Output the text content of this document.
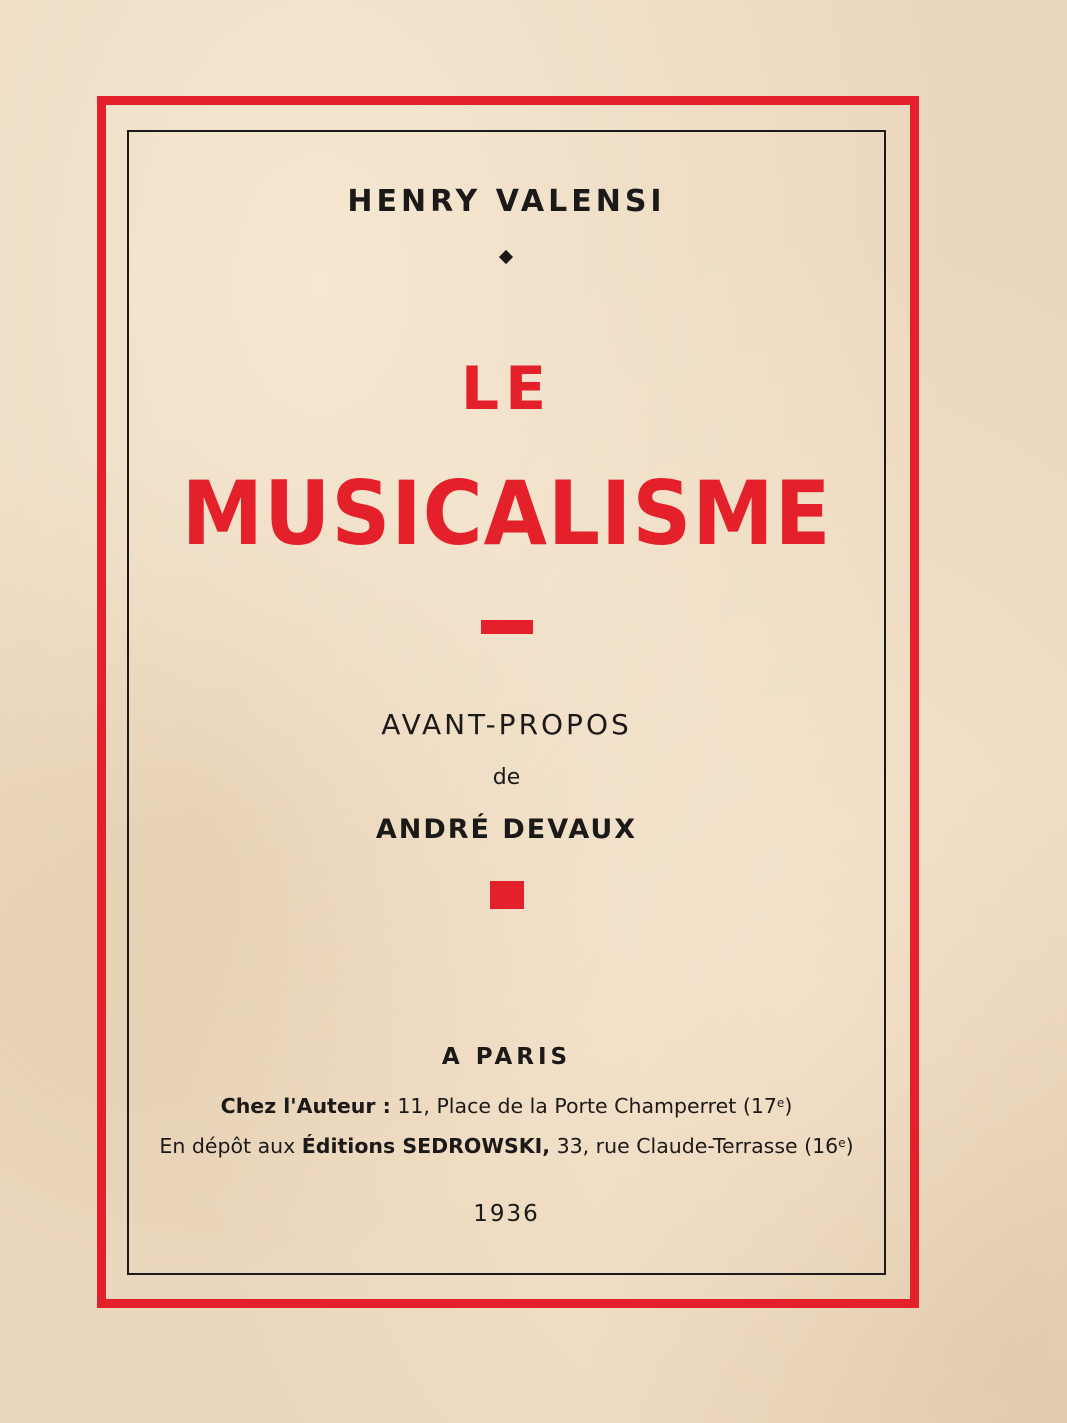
HENRY VALENSI
LE
MUSICALISME
AVANT-PROPOS
de
ANDRÉ DEVAUX
A PARIS
Chez l'Auteur : 11, Place de la Porte Champerret (17e)
En dépôt aux Éditions SEDROWSKI, 33, rue Claude-Terrasse (16e)
1936
